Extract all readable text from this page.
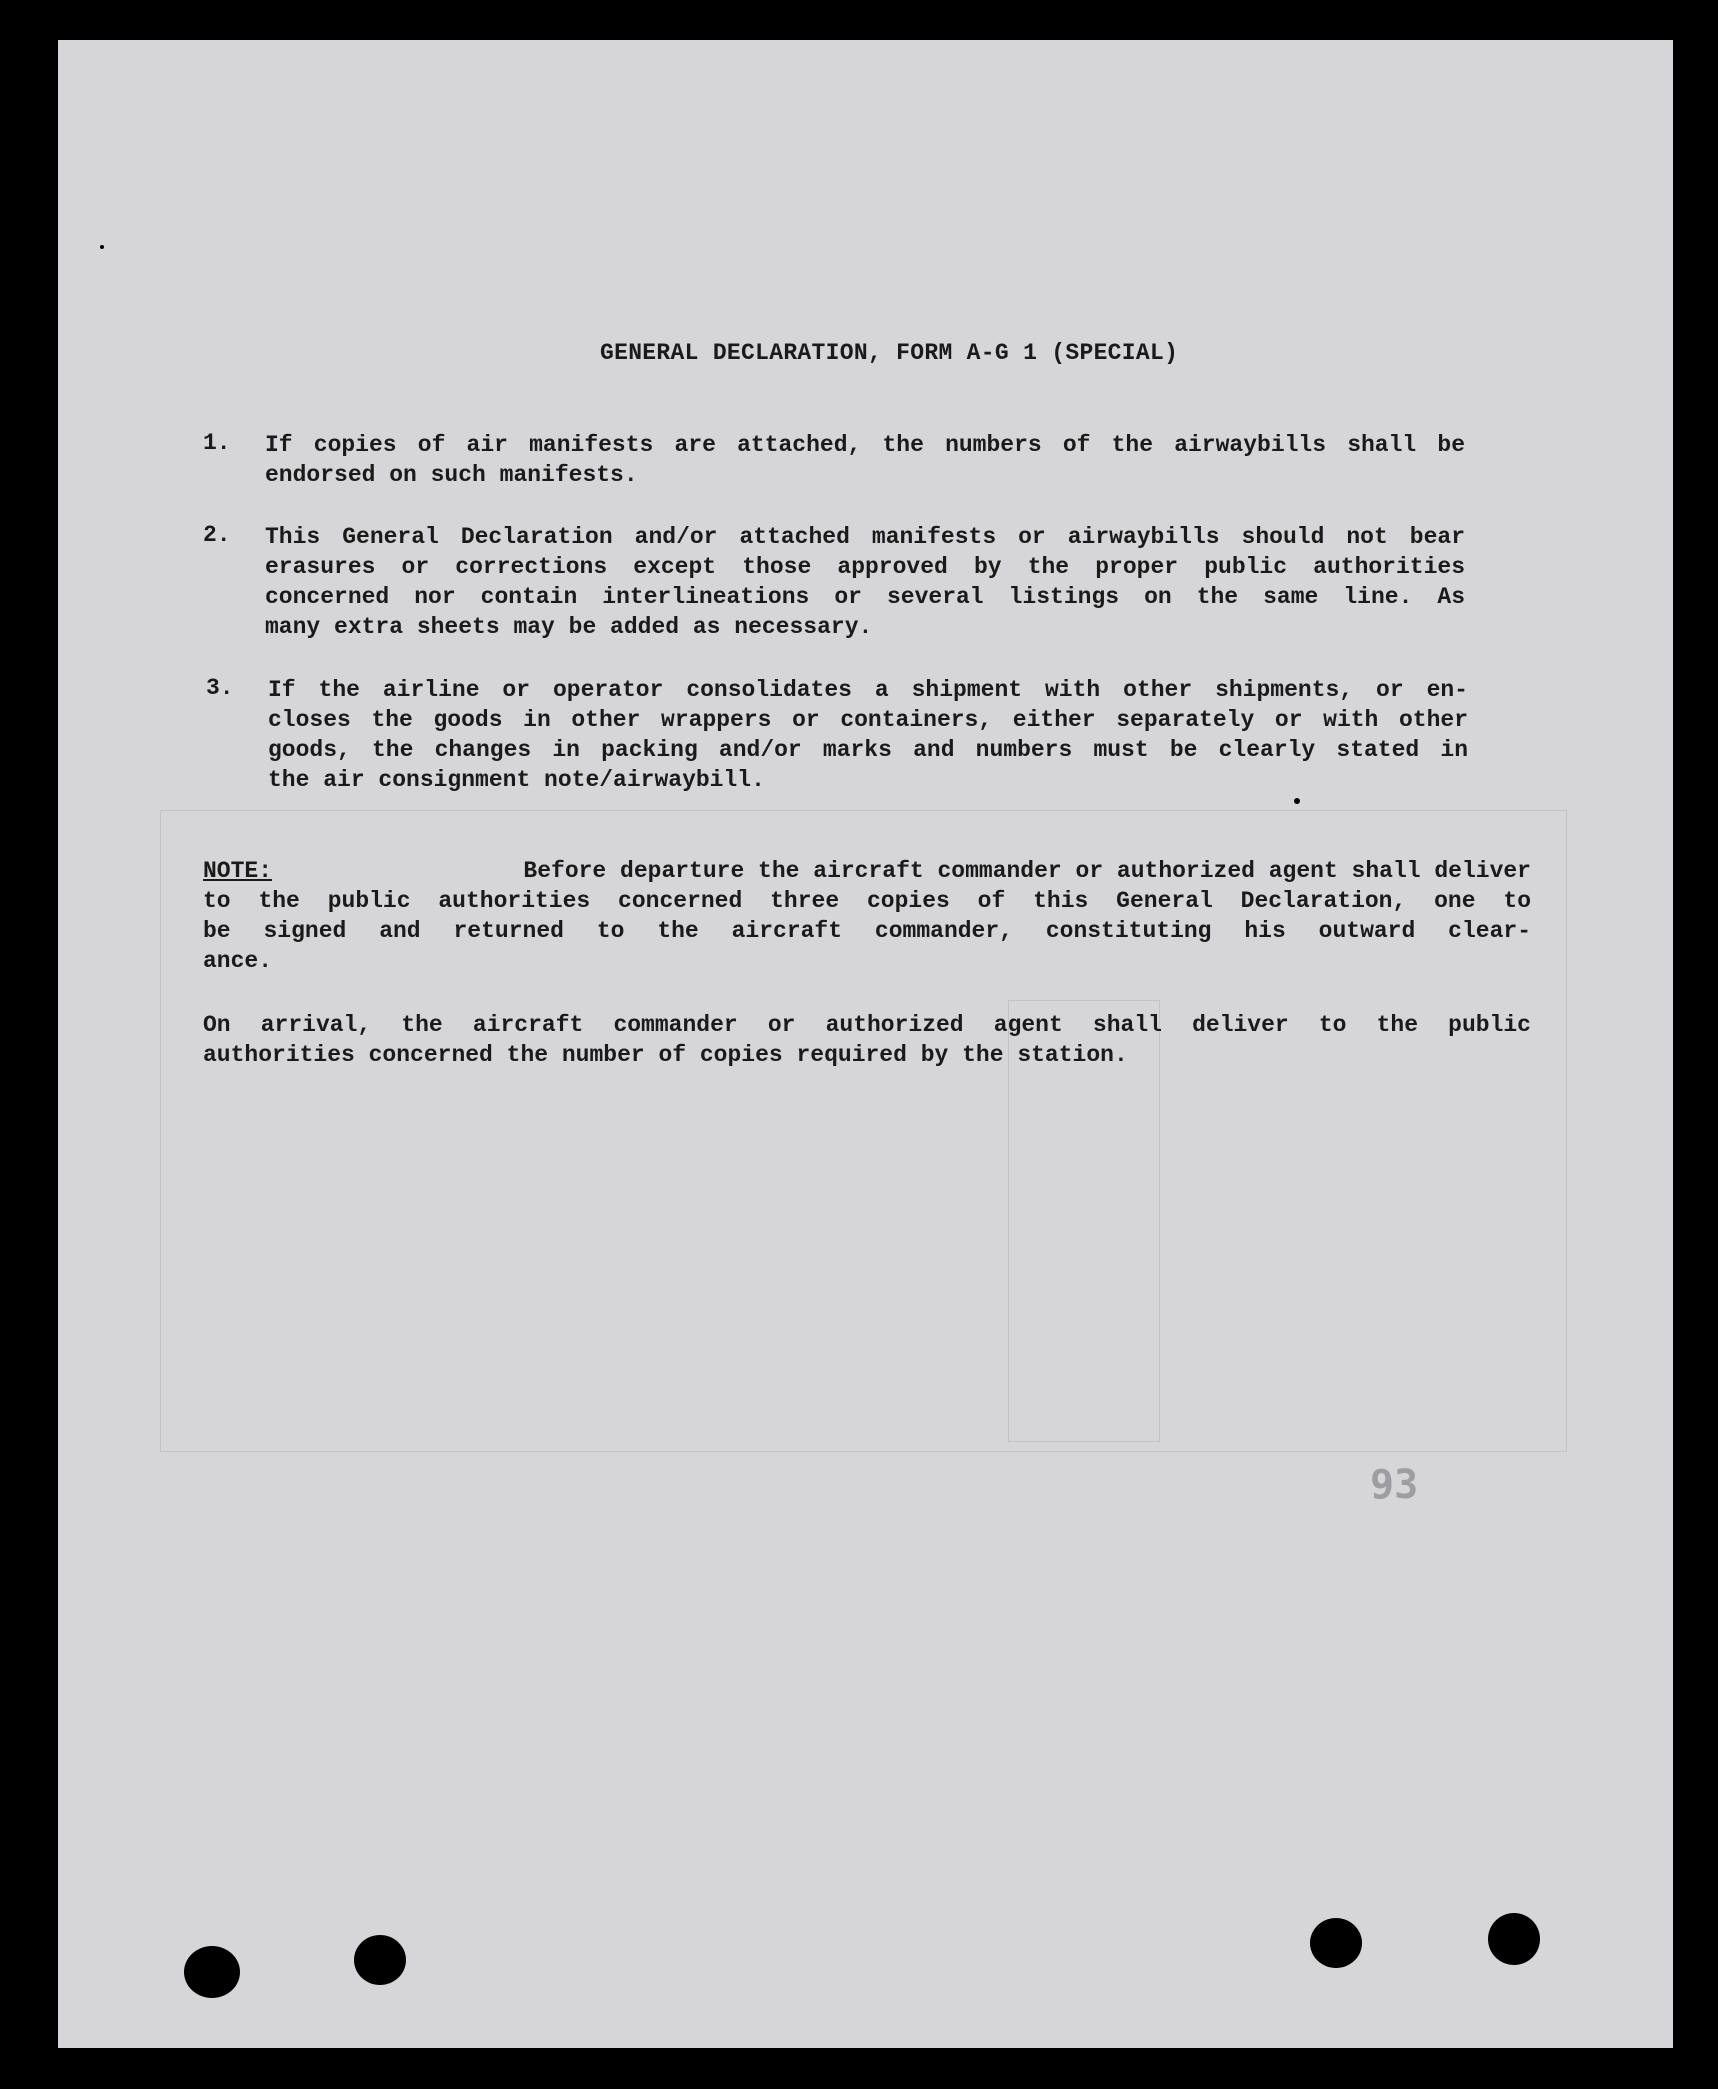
93
GENERAL DECLARATION, FORM A-G 1 (SPECIAL)
1. If copies of air manifests are attached, the numbers of the airwaybills shall be
endorsed on such manifests.
2. This General Declaration and/or attached manifests or airwaybills should not bear
erasures or corrections except those approved by the proper public authorities
concerned nor contain interlineations or several listings on the same line. As
many extra sheets may be added as necessary.
3. If the airline or operator consolidates a shipment with other shipments, or en-
closes the goods in other wrappers or containers, either separately or with other
goods, the changes in packing and/or marks and numbers must be clearly stated in
the air consignment note/airwaybill.
NOTE:	Before departure the aircraft commander or authorized agent shall deliver
to the public authorities concerned three copies of this General Declaration, one to
be signed and returned to the aircraft commander, constituting his outward clear-
ance.
On arrival, the aircraft commander or authorized agent shall deliver to the public
authorities concerned the number of copies required by the station.
